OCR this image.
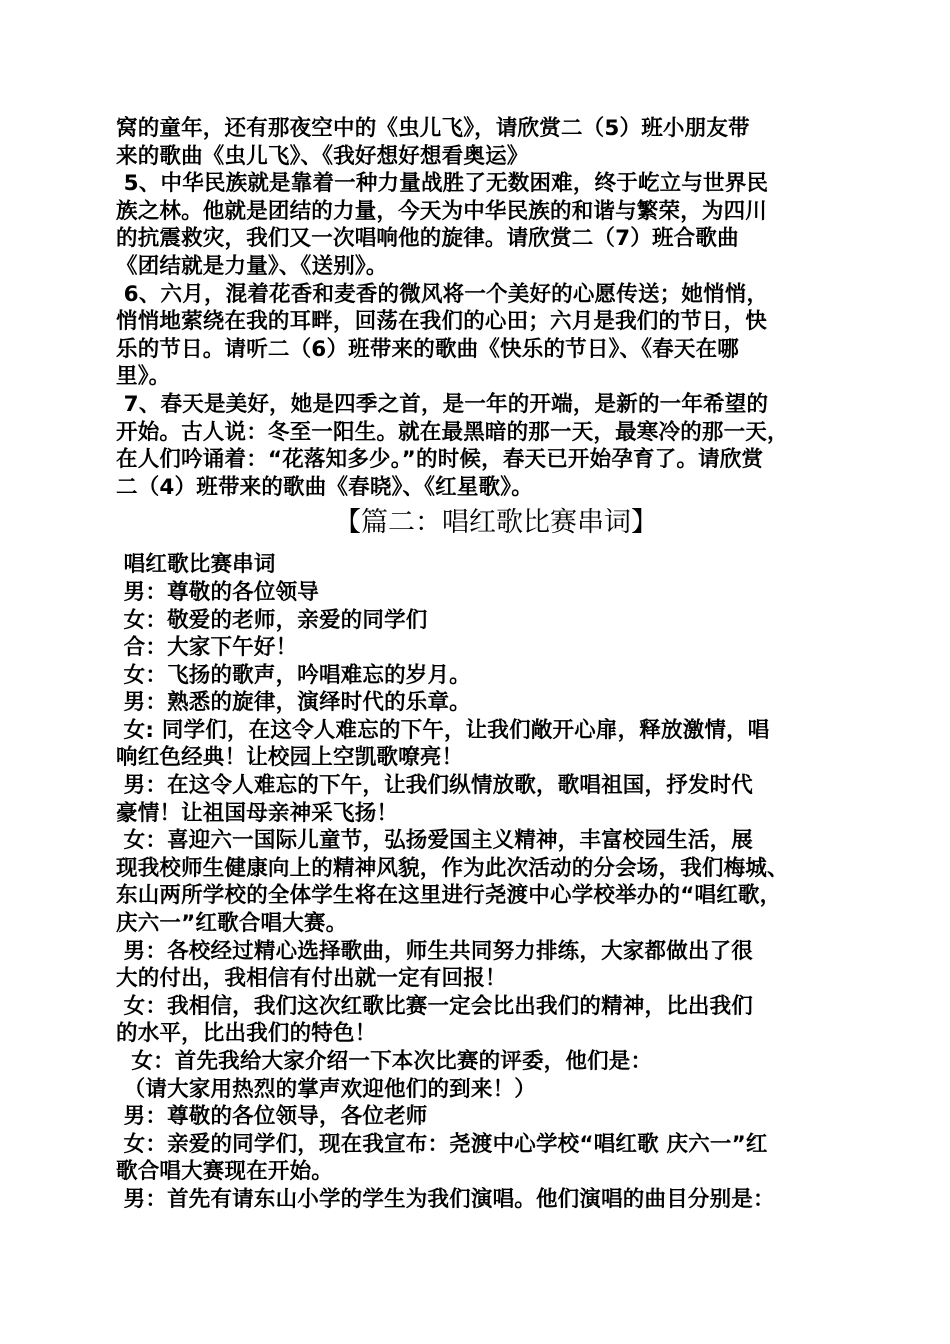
窝的童年，还有那夜空中的《虫儿飞》，请欣赏二（5）班小朋友带

来的歌曲《虫儿飞》、《我好想好想看奥运》

5、中华民族就是靠着一种力量战胜了无数困难，终于屹立与世界民

族之林。他就是团结的力量，今天为中华民族的和谐与繁荣，为四川

的抗震救灾，我们又一次唱响他的旋律。请欣赏二（7）班合歌曲

《团结就是力量》、《送别》。

6、六月，混着花香和麦香的微风将一个美好的心愿传送；她悄悄，

悄悄地萦绕在我的耳畔，回荡在我们的心田；六月是我们的节日，快

乐的节日。请听二（6）班带来的歌曲《快乐的节日》、《春天在哪

里》。

7、春天是美好，她是四季之首，是一年的开端，是新的一年希望的

开始。古人说：冬至一阳生。就在最黑暗的那一天，最寒冷的那一天，

在人们吟诵着：“花落知多少。”的时候，春天已开始孕育了。请欣赏

二（4）班带来的歌曲《春晓》、《红星歌》。

【篇二：唱红歌比赛串词】

唱红歌比赛串词

男：尊敬的各位领导

女：敬爱的老师，亲爱的同学们

合：大家下午好！

女：飞扬的歌声，吟唱难忘的岁月。

男：熟悉的旋律，演绎时代的乐章。

女: 同学们，在这令人难忘的下午，让我们敞开心扉，释放激情，唱

响红色经典！让校园上空凯歌嘹亮！

男：在这令人难忘的下午，让我们纵情放歌，歌唱祖国，抒发时代

豪情！让祖国母亲神采飞扬！

女：喜迎六一国际儿童节，弘扬爱国主义精神，丰富校园生活，展

现我校师生健康向上的精神风貌，作为此次活动的分会场，我们梅城、

东山两所学校的全体学生将在这里进行尧渡中心学校举办的“唱红歌，

庆六一”红歌合唱大赛。

男：各校经过精心选择歌曲，师生共同努力排练，大家都做出了很

大的付出，我相信有付出就一定有回报！

女：我相信，我们这次红歌比赛一定会比出我们的精神，比出我们

的水平，比出我们的特色！

女：首先我给大家介绍一下本次比赛的评委，他们是：

（请大家用热烈的掌声欢迎他们的到来！）

男：尊敬的各位领导，各位老师

女：亲爱的同学们，现在我宣布：尧渡中心学校“唱红歌 庆六一”红

歌合唱大赛现在开始。

男：首先有请东山小学的学生为我们演唱。他们演唱的曲目分别是：
